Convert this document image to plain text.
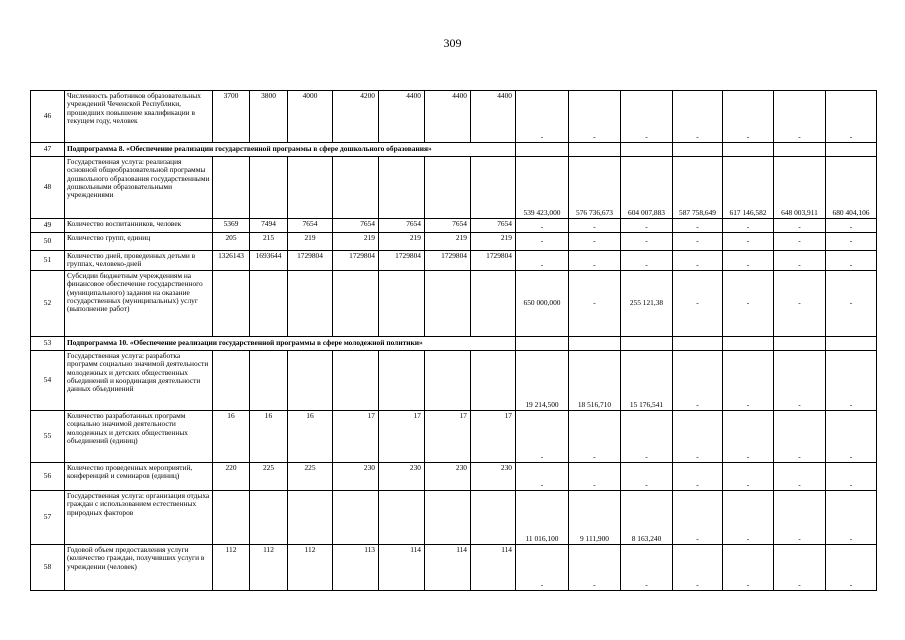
309
46	Численность работников образовательных учреждений Чеченской Республики, прошедших повышение квалификации в текущем году, человек	3700	3800	4000	4200	4400	4400	4400	-	-	-	-	-	-	-
47	Подпрограмма 8. «Обеспечение реализации государственной программы в сфере дошкольного образования»														
48	Государственная услуга: реализация основной общеобразовательной программы дошкольного образования государственными дошкольными образовательными учреждениями								539 423,000	576 736,673	604 007,883	587 758,649	617 146,582	648 003,911	680 404,106
49	Количество воспитанников, человек	5369	7494	7654	7654	7654	7654	7654	-	-	-	-	-	-	-
50	Количество групп, единиц	205	215	219	219	219	219	219	-	-	-	-	-	-	-
51	Количество дней, проведенных детьми в группах, человеко-дней	1326143	1693644	1729804	1729804	1729804	1729804	1729804	-	-	-	-	-	-	-
52	Субсидии бюджетным учреждениям на финансовое обеспечение государственного (муниципального) задания на оказание государственных (муниципальных) услуг (выполнение работ)								650 000,000	-	255 121,38	-	-	-	-
53	Подпрограмма 10. «Обеспечение реализации государственной программы в сфере молодежной политики»														
54	Государственная услуга: разработка программ социально значимой деятельности молодежных и детских общественных объединений и координация деятельности данных объединений								19 214,500	18 516,710	15 176,541	-	-	-	-
55	Количество разработанных программ социально значимой деятельности молодежных и детских общественных объединений (единиц)	16	16	16	17	17	17	17	-	-	-	-	-	-	-
56	Количество проведенных мероприятий, конференций и семинаров (единиц)	220	225	225	230	230	230	230	-	-	-	-	-	-	-
57	Государственная услуга: организация отдыха граждан с использованием естественных природных факторов								11 016,100	9 111,900	8 163,240	-	-	-	-
58	Годовой объем предоставления услуги (количество граждан, получивших услуги в учреждении (человек)	112	112	112	113	114	114	114	-	-	-	-	-	-	-
